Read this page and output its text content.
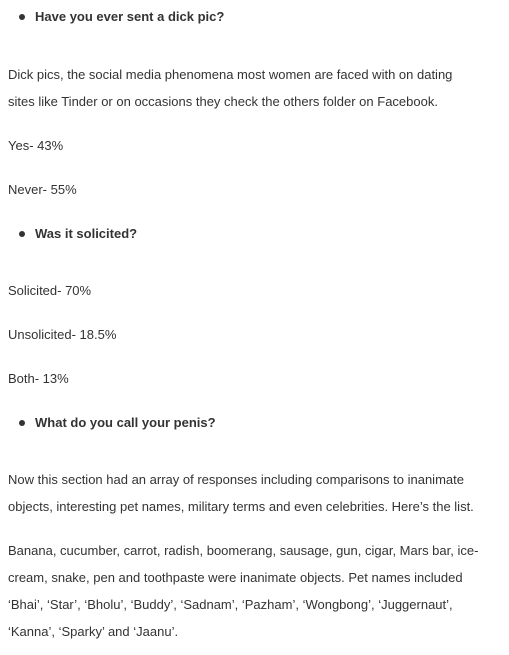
Have you ever sent a dick pic?

Dick pics, the social media phenomena most women are faced with on dating
sites like Tinder or on occasions they check the others folder on Facebook.

Yes- 43%

Never- 55%

Was it solicited?

Solicited- 70%

Unsolicited- 18.5%

Both- 13%

What do you call your penis?

Now this section had an array of responses including comparisons to inanimate
objects, interesting pet names, military terms and even celebrities. Here’s the list.

Banana, cucumber, carrot, radish, boomerang, sausage, gun, cigar, Mars bar, ice-
cream, snake, pen and toothpaste were inanimate objects. Pet names included
‘Bhai’, ‘Star’, ‘Bholu’, ‘Buddy’, ‘Sadnam’, ‘Pazham’, ‘Wongbong’, ‘Juggernaut’,
‘Kanna’, ‘Sparky’ and ‘Jaanu’.
